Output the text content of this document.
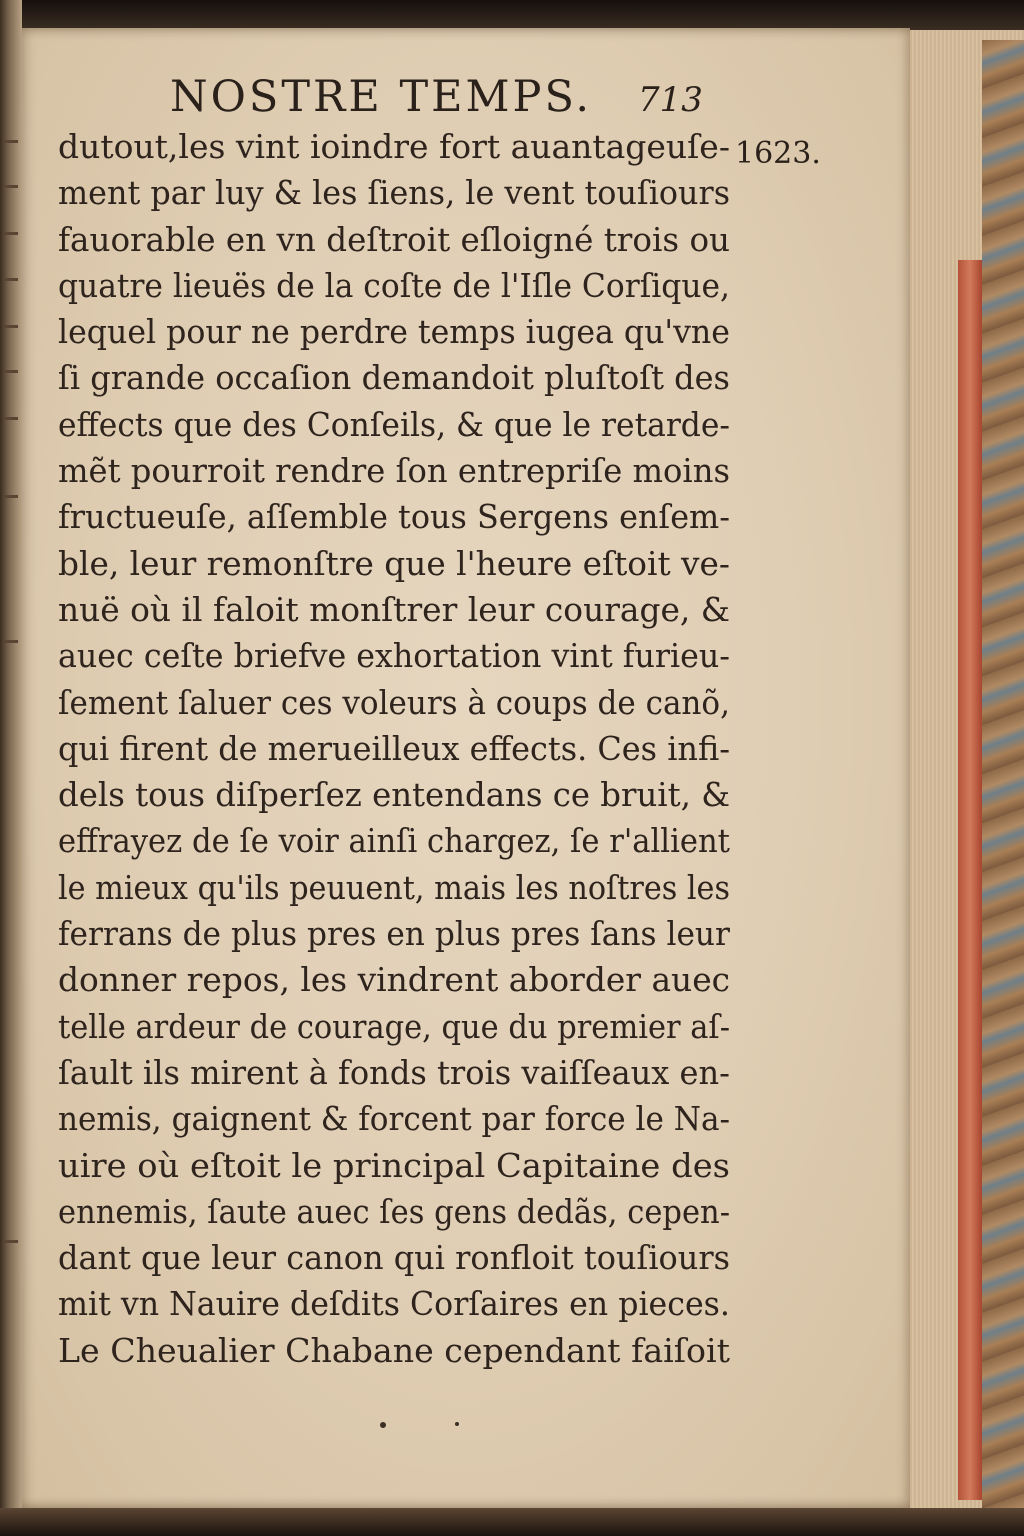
NOSTRE TEMPS. 713
1623.
dutout,les vint ioindre fort auantageuſe-
ment par luy & les ſiens, le vent touſiours
fauorable en vn deſtroit eſloigné trois ou
quatre lieuës de la coſte de l'Iſle Corſique,
lequel pour ne perdre temps iugea qu'vne
ſi grande occaſion demandoit pluſtoſt des
effects que des Conſeils, & que le retarde-
mẽt pourroit rendre ſon entrepriſe moins
fructueuſe, aſſemble tous Sergens enſem-
ble, leur remonſtre que l'heure eſtoit ve-
nuë où il faloit monſtrer leur courage, &
auec ceſte briefve exhortation vint furieu-
ſement ſaluer ces voleurs à coups de canõ,
qui firent de merueilleux effects. Ces infi-
dels tous diſperſez entendans ce bruit, &
effrayez de ſe voir ainſi chargez, ſe r'allient
le mieux qu'ils peuuent, mais les noſtres les
ferrans de plus pres en plus pres ſans leur
donner repos, les vindrent aborder auec
telle ardeur de courage, que du premier aſ-
ſault ils mirent à fonds trois vaiſſeaux en-
nemis, gaignent & forcent par force le Na-
uire où eſtoit le principal Capitaine des
ennemis, ſaute auec ſes gens dedãs, cepen-
dant que leur canon qui ronfloit touſiours
mit vn Nauire deſdits Corſaires en pieces.
Le Cheualier Chabane cependant faiſoit
